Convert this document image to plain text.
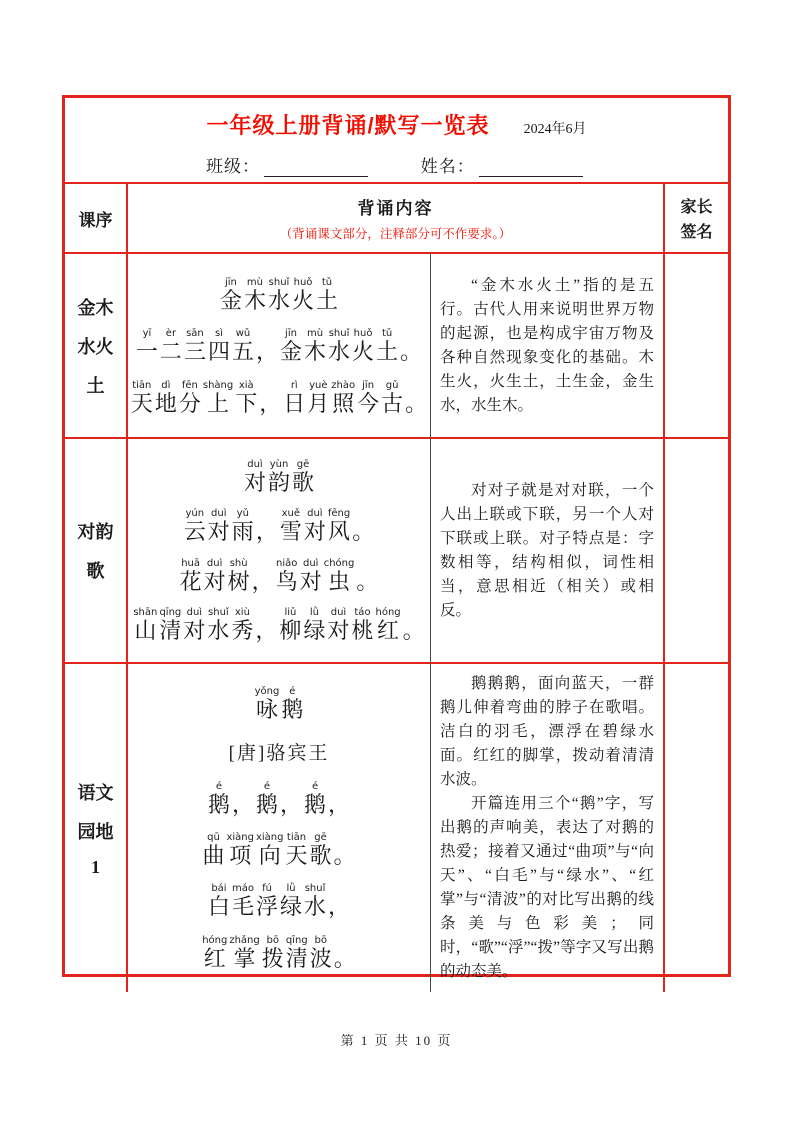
一年级上册背诵/默写一览表 2024年6月
班级：	姓名：
课序
背诵内容
（背诵课文部分，注释部分可不作要求。）
家长
签名
金木
水火
土
金jīn木mù水shuǐ火huǒ土tǔ
一yī二èr三sān四sì五wǔ，金jīn木mù水shuǐ火huǒ土tǔ。
天tiān地dì分fēn上shàng下xià，日rì月yuè照zhào今jīn古gǔ。
“金木水火土”指的是五行。古代人用来说明世界万物的起源，也是构成宇宙万物及各种自然现象变化的基础。木生火，火生土，土生金，金生水，水生木。
对韵
歌
对duì韵yùn歌gē
云yún对duì雨yǔ，雪xuě对duì风fēng。
花huā对duì树shù，鸟niǎo对duì虫chóng。
山shān清qīng对duì水shuǐ秀xiù，柳liǔ绿lǜ对duì桃táo红hóng。
对对子就是对对联，一个人出上联或下联，另一个人对下联或上联。对子特点是：字数相等，结构相似，词性相当，意思相近（相关）或相反。
语文
园地
1
咏yǒng鹅é
[唐]骆宾王
鹅é，鹅é，鹅é，
曲qū项xiàng向xiàng天tiān歌gē。
白bái毛máo浮fú绿lǜ水shuǐ，
红hóng掌zhǎng拨bō清qīng波bō。
鹅鹅鹅，面向蓝天，一群鹅儿伸着弯曲的脖子在歌唱。洁白的羽毛，漂浮在碧绿水面。红红的脚掌，拨动着清清水波。
开篇连用三个“鹅”字，写出鹅的声响美，表达了对鹅的热爱；接着又通过“曲项”与“向天”、“白毛”与“绿水”、“红掌”与“清波”的对比写出鹅的线条美与色彩美；同时，“歌”“浮”“拨”等字又写出鹅的动态美。
第 1 页 共 10 页
